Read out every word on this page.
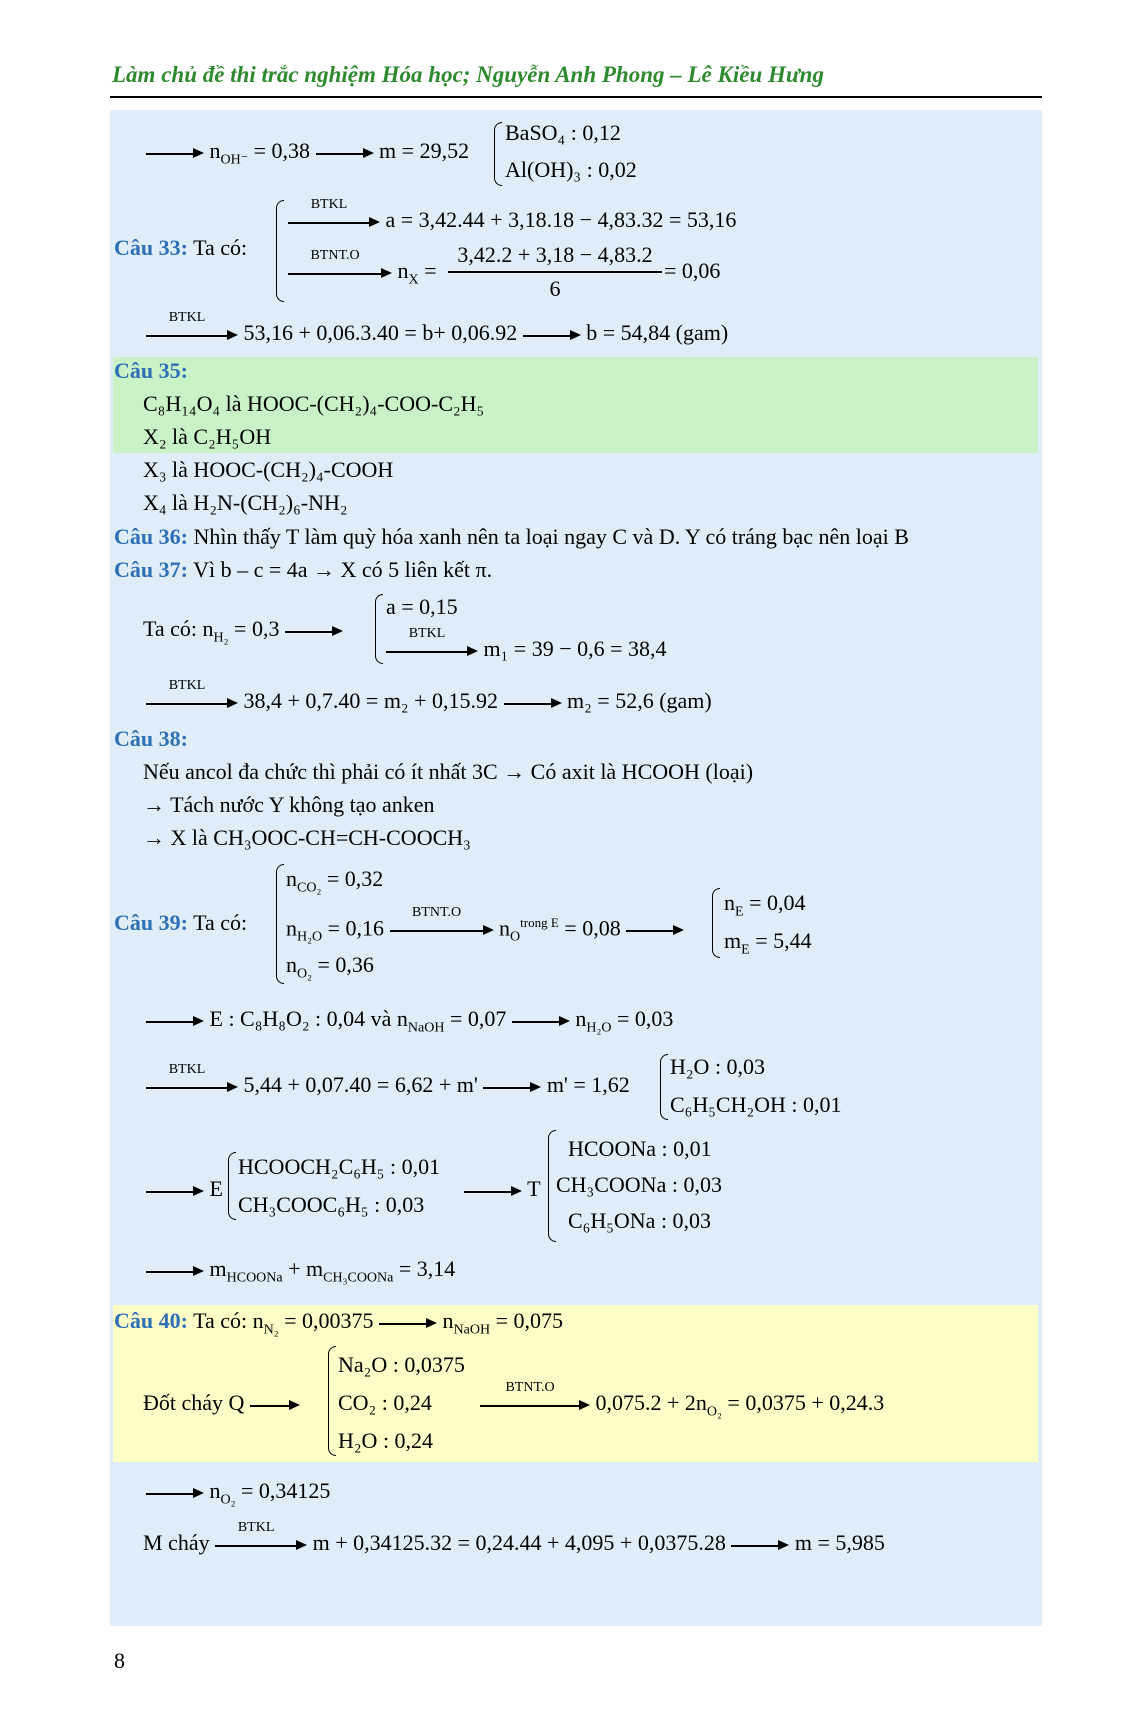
Làm chủ đề thi trắc nghiệm Hóa học; Nguyễn Anh Phong – Lê Kiều Hưng
$n_{OH^-} = 0,38$	m = 29,52
BaSO₄ : 0,12
Al(OH)₃ : 0,02
Câu 33: Ta có:
BTKL
a = 3,42.44 + 3,18.18 − 4,83.32 = 53,16
BTNT.O
$n_X$ =
3,42.2 + 3,18 − 4,83.2
6
= 0,06
BTKL
53,16 + 0,06.3.40 = b+ 0,06.92	b = 54,84 (gam)
Câu 35:
C₈H₁₄O₄ là HOOC-(CH₂)₄-COO-C₂H₅
X₂ là C₂H₅OH
X₃ là HOOC-(CH₂)₄-COOH
X₄ là H₂N-(CH₂)₆-NH₂
Câu 36: Nhìn thấy T làm quỳ hóa xanh nên ta loại ngay C và D. Y có tráng bạc nên loại B
Câu 37: Vì b – c = 4a → X có 5 liên kết π.
Ta có: $n_{H_2} = 0,3$
a = 0,15
BTKL
m₁ = 39 − 0,6 = 38,4
BTKL
38,4 + 0,7.40 = m₂ + 0,15.92	m₂ = 52,6 (gam)
Câu 38:
Nếu ancol đa chức thì phải có ít nhất 3C → Có axit là HCOOH (loại)
→ Tách nước Y không tạo anken
→ X là CH₃OOC-CH=CH-COOCH₃
Câu 39: Ta có:
$n_{CO_2} = 0,32$
$n_{H_2O} = 0,16$
BTNT.O
$n_O^{trong E} = 0,08$
$n_{O_2} = 0,36$
$n_E = 0,04$
$m_E = 5,44$
E : C₈H₈O₂ : 0,04 và $n_{NaOH} = 0,07$	$n_{H_2O} = 0,03$
BTKL
5,44 + 0,07.40 = 6,62 + m'	m' = 1,62
H₂O : 0,03
C₆H₅CH₂OH : 0,01
E
HCOOCH₂C₆H₅ : 0,01
CH₃COOC₆H₅ : 0,03
T
HCOONa : 0,01
CH₃COONa : 0,03
C₆H₅ONa : 0,03
$m_{HCOONa} + m_{CH_3COONa} = 3,14$
Câu 40: Ta có: $n_{N_2} = 0,00375$	$n_{NaOH} = 0,075$
Đốt cháy Q
Na₂O : 0,0375
CO₂ : 0,24
H₂O : 0,24
BTNT.O
$0,075.2 + 2n_{O_2} = 0,0375 + 0,24.3$
$n_{O_2} = 0,34125$
M cháy
BTKL
m + 0,34125.32 = 0,24.44 + 4,095 + 0,0375.28	m = 5,985
8
